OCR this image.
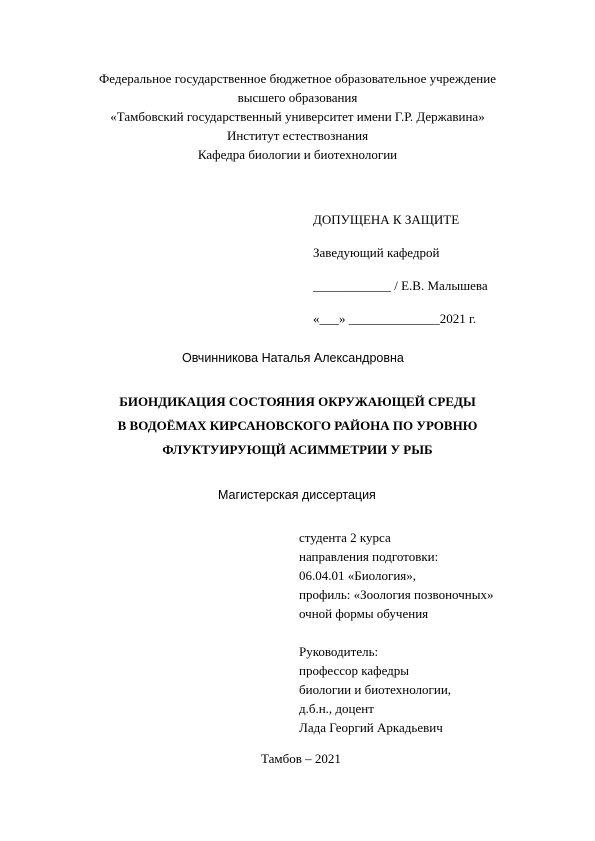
Федеральное государственное бюджетное образовательное учреждение
высшего образования
«Тамбовский государственный университет имени Г.Р. Державина»
Институт естествознания
Кафедра биологии и биотехнологии
ДОПУЩЕНА К ЗАЩИТЕ
Заведующий кафедрой
____________ / Е.В. Малышева
«___» ______________2021 г.
Овчинникова Наталья Александровна
БИОНДИКАЦИЯ СОСТОЯНИЯ ОКРУЖАЮЩЕЙ СРЕДЫ
В ВОДОЁМАХ КИРСАНОВСКОГО РАЙОНА ПО УРОВНЮ
ФЛУКТУИРУЮЩЙ АСИММЕТРИИ У РЫБ
Магистерская диссертация
студента 2 курса
направления подготовки:
06.04.01 «Биология»,
профиль: «Зоология позвоночных»
очной формы обучения
Руководитель:
профессор кафедры
биологии и биотехнологии,
д.б.н., доцент
Лада Георгий Аркадьевич
Тамбов – 2021
